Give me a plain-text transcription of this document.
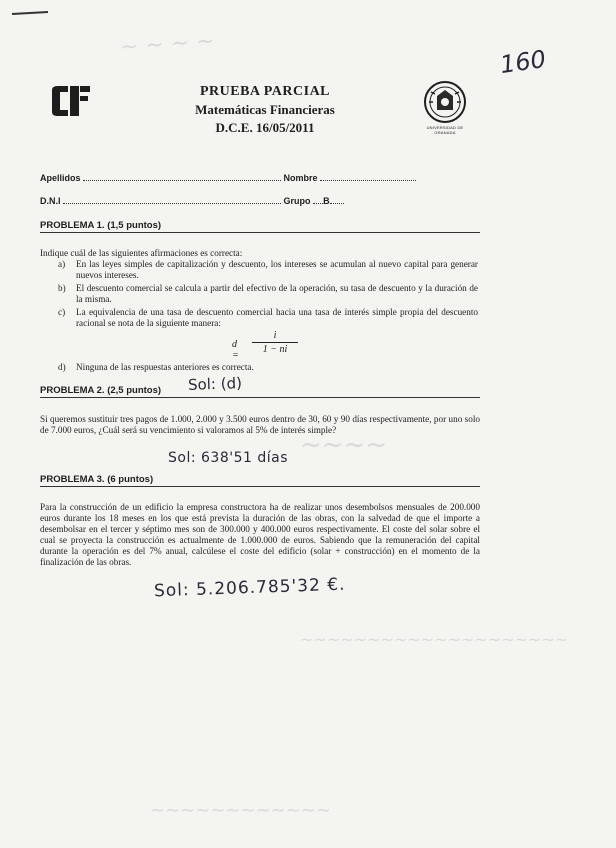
~ ~ ~ ~
~~~~
~~~~~~~~~~~~~~~~~~~~
~~~~~~~~~~~~
160
PRUEBA PARCIAL
Matemáticas Financieras
D.C.E. 16/05/2011	UNIVERSIDAD DE GRANADA
Apellidos	Nombre
D.N.I	Grupo B
PROBLEMA 1. (1,5 puntos)
Indique cuál de las siguientes afirmaciones es correcta:
a)	En las leyes simples de capitalización y descuento, los intereses se acumulan al nuevo capital para generar nuevos intereses.
b)	El descuento comercial se calcula a partir del efectivo de la operación, su tasa de descuento y la duración de la misma.
c)	La equivalencia de una tasa de descuento comercial hacia una tasa de interés simple propia del descuento racional se nota de la siguiente manera:
d =
$\frac{i}{1 - ni}$
d)	Ninguna de las respuestas anteriores es correcta.
PROBLEMA 2. (2,5 puntos)	Sol: (d)
Si queremos sustituir tres pagos de 1.000, 2.000 y 3.500 euros dentro de 30, 60 y 90 días respectivamente, por uno solo de 7.000 euros, ¿Cuál será su vencimiento si valoramos al 5% de interés simple?
Sol: 638'51 días
PROBLEMA 3. (6 puntos)
Para la construcción de un edificio la empresa constructora ha de realizar unos desembolsos mensuales de 200.000 euros durante los 18 meses en los que está prevista la duración de las obras, con la salvedad de que el importe a desembolsar en el tercer y séptimo mes son de 300.000 y 400.000 euros respectivamente. El coste del solar sobre el cual se proyecta la construcción es actualmente de 1.000.000 de euros. Sabiendo que la remuneración del capital durante la operación es del 7% anual, calcúlese el coste del edificio (solar + construcción) en el momento de la finalización de las obras.
Sol: 5.206.785'32 €.
